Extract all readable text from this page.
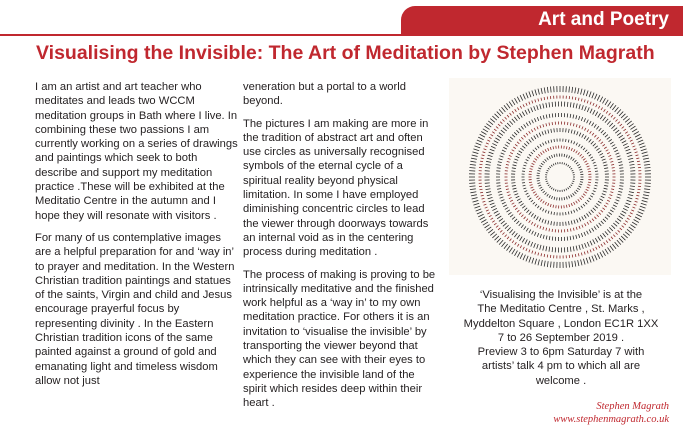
Art and Poetry
Visualising the Invisible: The Art of Meditation by Stephen Magrath

I am an artist and art teacher who meditates and leads two WCCM meditation groups in Bath where I live. In combining these two passions I am currently working on a series of drawings and paintings which seek to both describe and support my meditation practice .These will be exhibited at the Meditatio Centre in the autumn and I hope they will resonate with visitors .

For many of us contemplative images are a helpful preparation for and ‘way in’ to prayer and meditation. In the Western Christian tradition paintings and statues of the saints, Virgin and child and Jesus encourage prayerful focus by representing divinity . In the Eastern Christian tradition icons of the same painted against a ground of gold and emanating light and timeless wisdom allow not just

veneration but a portal to a world beyond.

The pictures I am making are more in the tradition of abstract art and often use circles as universally recognised symbols of the eternal cycle of a spiritual reality beyond physical limitation. In some I have employed diminishing concentric circles to lead the viewer through doorways towards an internal void as in the centering process during meditation .

The process of making is proving to be intrinsically meditative and the finished work helpful as a ‘way in’ to my own meditation practice. For others it is an invitation to ‘visualise the invisible’ by transporting the viewer beyond that which they can see with their eyes to experience the invisible land of the spirit which resides deep within their heart .

‘Visualising the Invisible’ is at the
The Meditatio Centre , St. Marks ,
Myddelton Square , London EC1R 1XX
7 to 26 September 2019 .
Preview 3 to 6pm Saturday 7 with
artists’ talk 4 pm to which all are
welcome .
Stephen Magrath
www.stephenmagrath.co.uk
